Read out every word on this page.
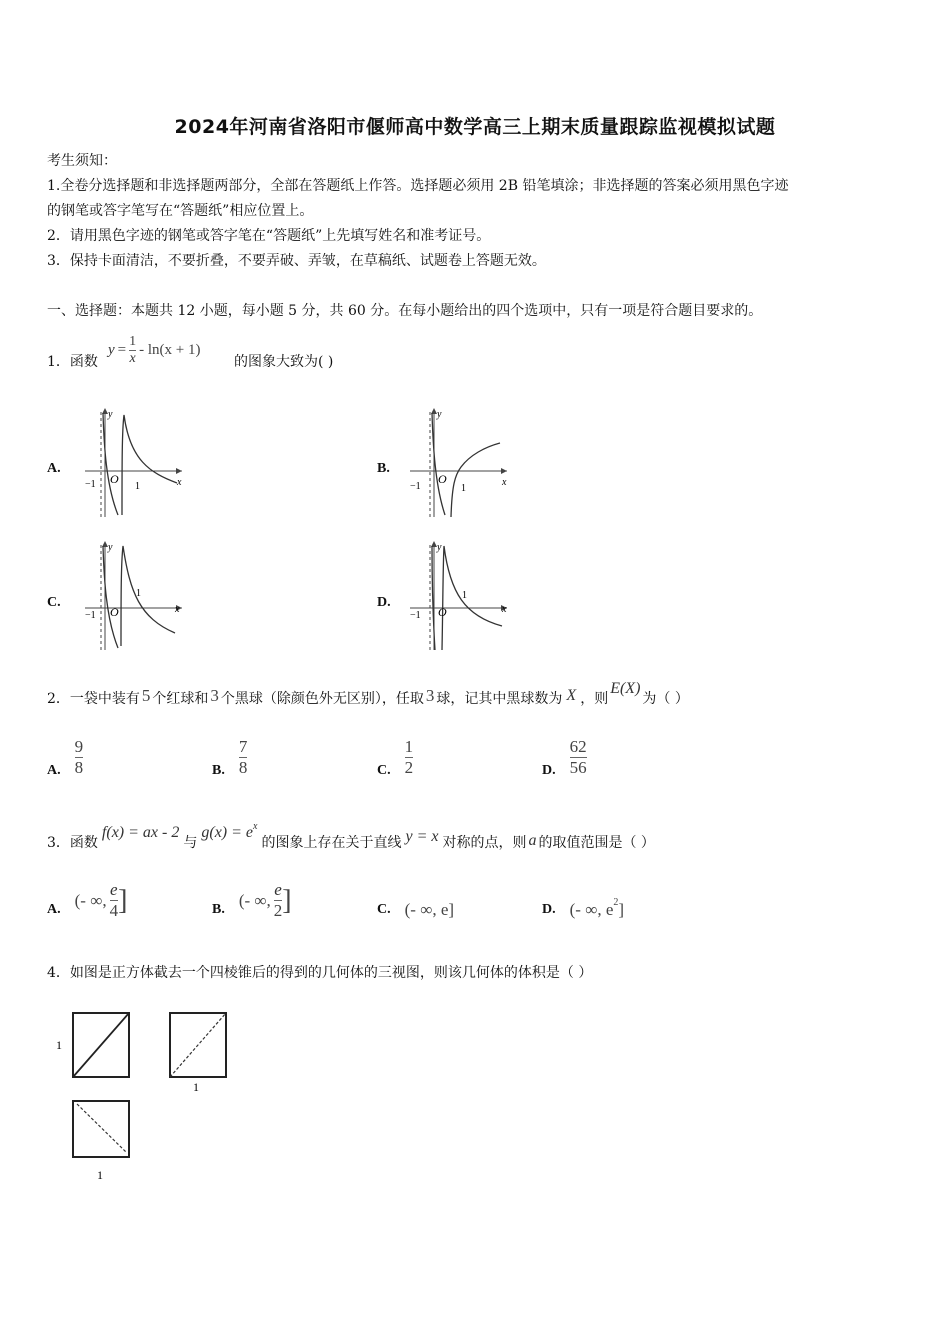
2024年河南省洛阳市偃师高中数学高三上期末质量跟踪监视模拟试题
考生须知：
1.全卷分选择题和非选择题两部分，全部在答题纸上作答。选择题必须用 2B 铅笔填涂；非选择题的答案必须用黑色字迹
的钢笔或答字笔写在“答题纸”相应位置上。
2．请用黑色字迹的钢笔或答字笔在“答题纸”上先填写姓名和准考证号。
3．保持卡面清洁，不要折叠，不要弄破、弄皱，在草稿纸、试题卷上答题无效。
一、选择题：本题共 12 小题，每小题 5 分，共 60 分。在每小题给出的四个选项中，只有一项是符合题目要求的。
1．函数
$y = \frac{1}{x} - \ln(x + 1)$
的图象大致为( )
A.	B.
C.	D.
y
x
O
−1	1
y
x
O
−1	1
y
x
O
−1
1
y
x
O
−1
1
2．一袋中装有 5 个红球和 3 个黑球（除颜色外无区别），任取 3 球，记其中黑球数为 X ，则
E(X)
为（ ）
A. $\frac{9}{8}$	B. $\frac{7}{8}$	C. $\frac{1}{2}$	D. $\frac{62}{56}$
3．函数
f(x) = ax - 2
与
g(x) = e x
的图象上存在关于直线 y = x 对称的点，则 a 的取值范围是（ ）
A. (- ∞, $\frac{e}{4}$ ]	B. (- ∞, $\frac{e}{2}$ ]	C. (- ∞, e]	D. (- ∞, e 2 ]
4．如图是正方体截去一个四棱锥后的得到的几何体的三视图，则该几何体的体积是（ ）
1
1
1
